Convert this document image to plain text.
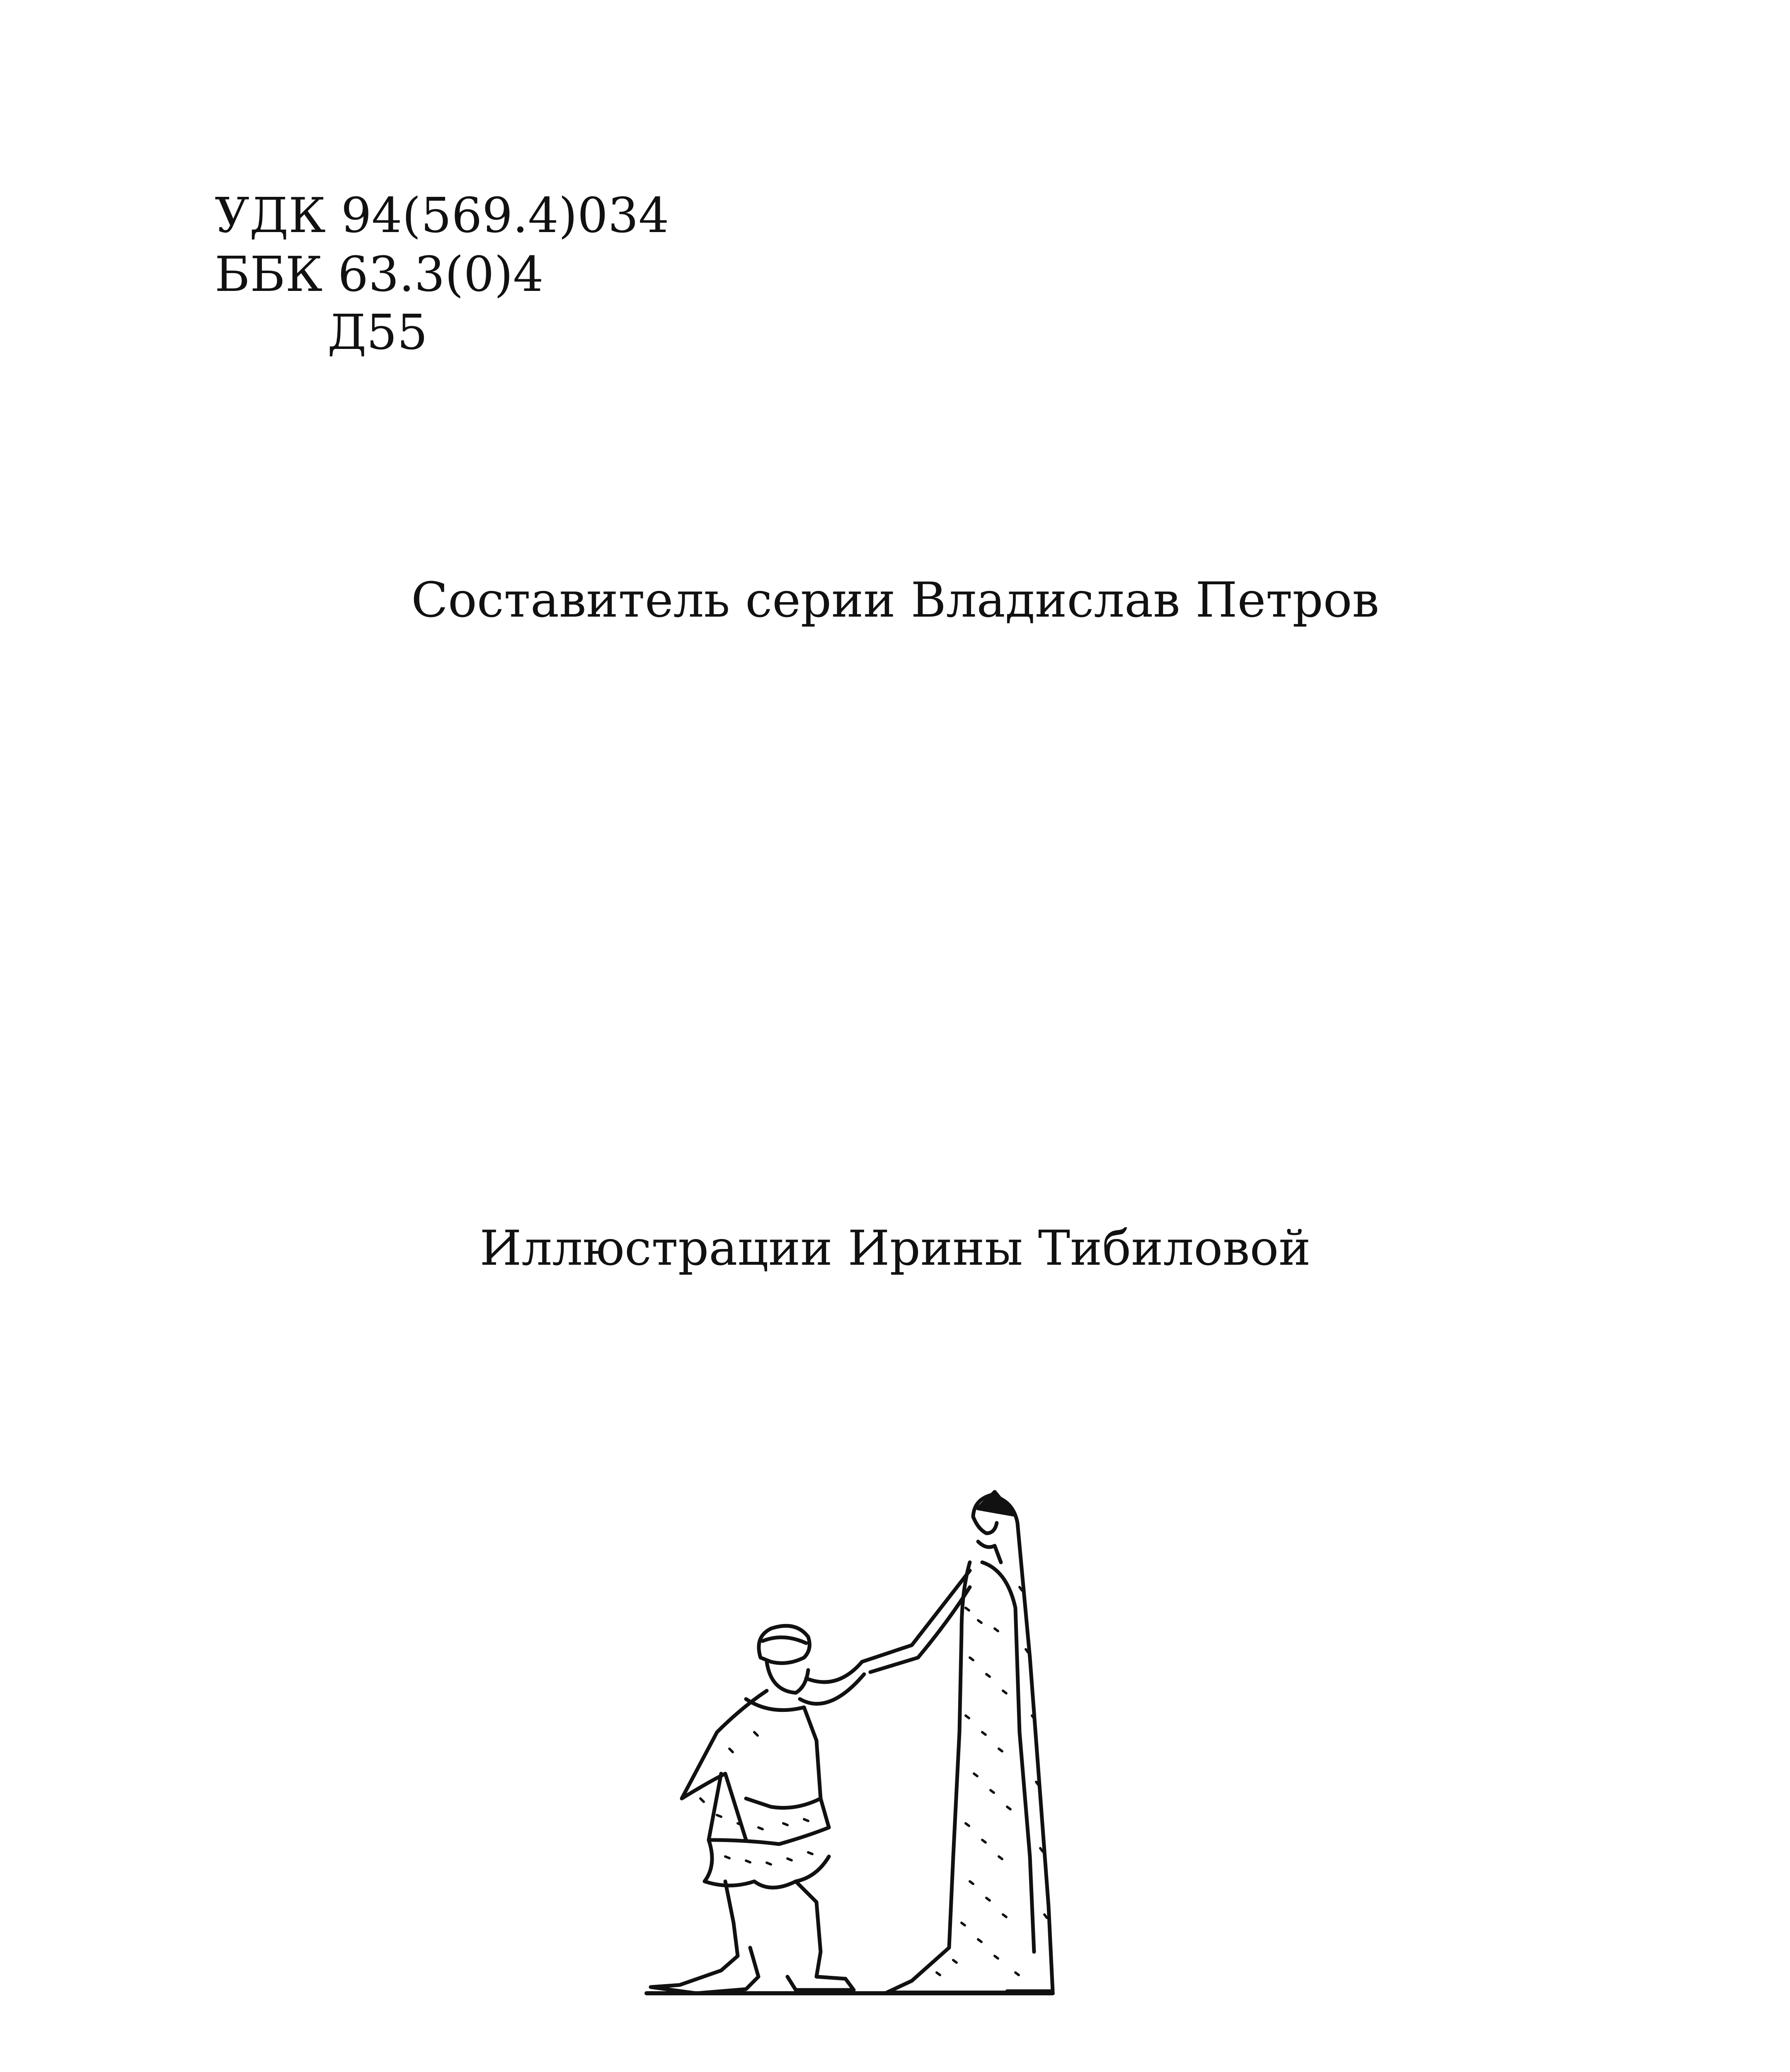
УДК 94(569.4)034
ББК 63.3(0)4
Д55
Составитель серии Владислав Петров
Иллюстрации Ирины Тибиловой
